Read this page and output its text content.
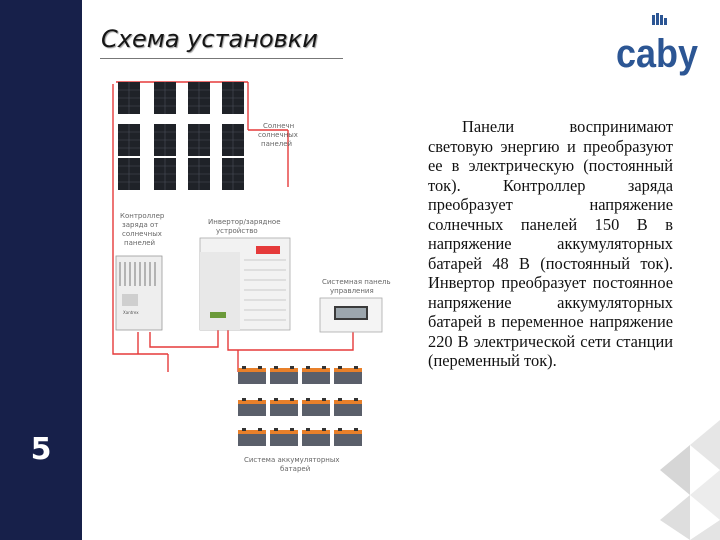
5
Схема установки	caby
Панели воспринимают световую энергию и преобразуют ее в электрическую (постоянный ток). Контроллер заряда преобразует напряжение солнечных панелей 150 В в напряжение аккумуляторных батарей 48 В (постоянный ток). Инвертор преобразует постоянное напряжение аккумуляторных батарей в переменное напряжение 220 В электрической сети станции (переменный ток).
Солнечн
солнечных
панелей
Контроллер
заряда от
солнечных
панелей
Xantrex
Инвертор/зарядное
устройство
Системная панель
управления
Система аккумуляторных
батарей
